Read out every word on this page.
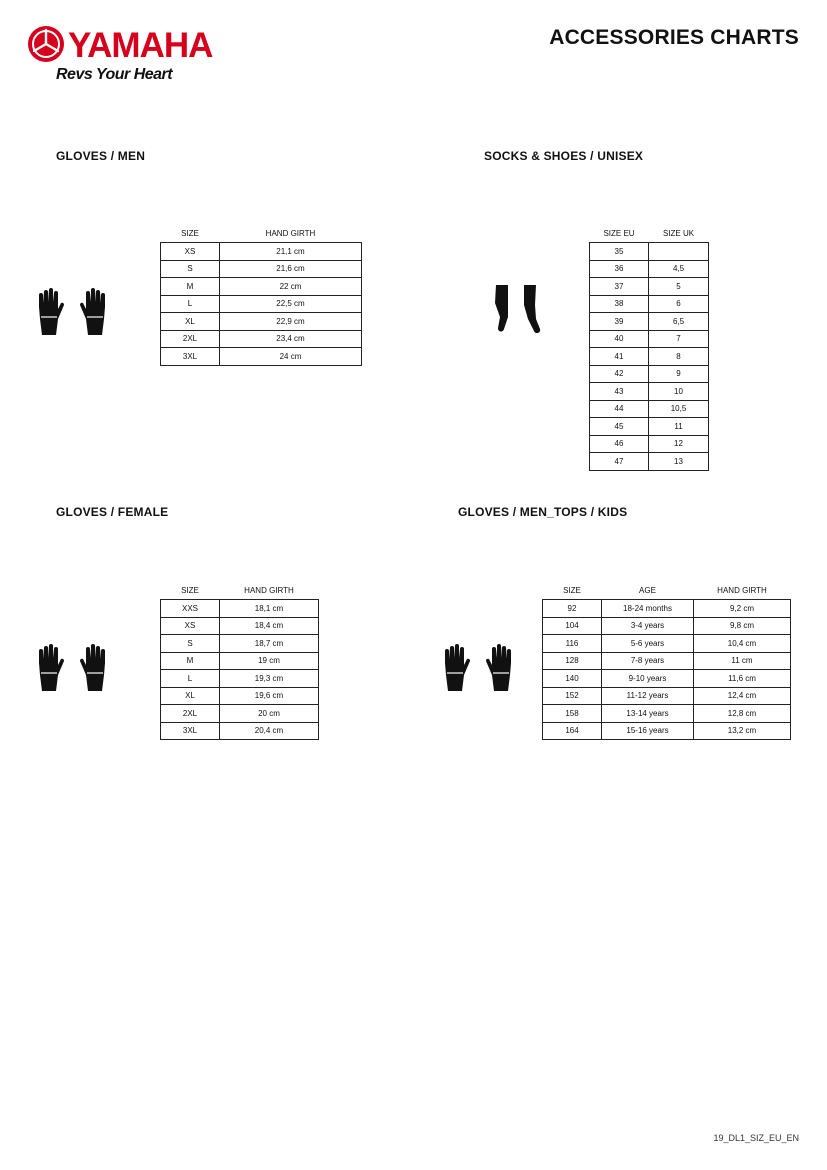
YAMAHA
Revs Your Heart
ACCESSORIES CHARTS
GLOVES / MEN	SOCKS & SHOES / UNISEX
GLOVES / FEMALE	GLOVES / MEN_TOPS / KIDS
SIZE	HAND GIRTH
XS	21,1 cm
S	21,6 cm
M	22 cm
L	22,5 cm
XL	22,9 cm
2XL	23,4 cm
3XL	24 cm
SIZE EU	SIZE UK
35	
36	4,5
37	5
38	6
39	6,5
40	7
41	8
42	9
43	10
44	10,5
45	11
46	12
47	13
SIZE	HAND GIRTH
XXS	18,1 cm
XS	18,4 cm
S	18,7 cm
M	19 cm
L	19,3 cm
XL	19,6 cm
2XL	20 cm
3XL	20,4 cm
SIZE	AGE	HAND GIRTH
92	18-24 months	9,2 cm
104	3-4 years	9,8 cm
116	5-6 years	10,4 cm
128	7-8 years	11 cm
140	9-10 years	11,6 cm
152	11-12 years	12,4 cm
158	13-14 years	12,8 cm
164	15-16 years	13,2 cm
19_DL1_SIZ_EU_EN
